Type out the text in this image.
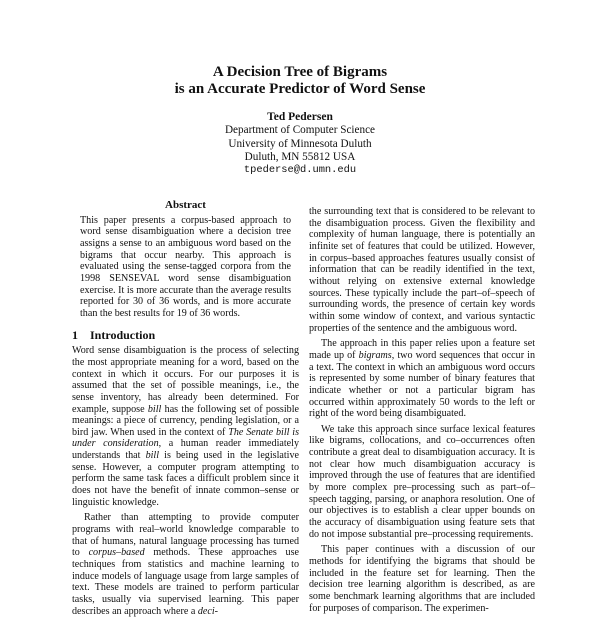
A Decision Tree of Bigrams
is an Accurate Predictor of Word Sense
Ted Pedersen
Department of Computer Science
University of Minnesota Duluth
Duluth, MN 55812 USA
tpederse@d.umn.edu
Abstract

This paper presents a corpus-based approach to word sense disambiguation where a decision tree assigns a sense to an ambiguous word based on the bigrams that occur nearby. This approach is evaluated using the sense-tagged corpora from the 1998 SENSEVAL word sense disambiguation exercise. It is more accurate than the average results reported for 30 of 36 words, and is more accurate than the best results for 19 of 36 words.

1 Introduction

Word sense disambiguation is the process of selecting the most appropriate meaning for a word, based on the context in which it occurs. For our purposes it is assumed that the set of possible meanings, i.e., the sense inventory, has already been determined. For example, suppose bill has the following set of possible meanings: a piece of currency, pending legislation, or a bird jaw. When used in the context of The Senate bill is under consideration, a human reader immediately understands that bill is being used in the legislative sense. However, a computer program attempting to perform the same task faces a difficult problem since it does not have the benefit of innate common–sense or linguistic knowledge.

Rather than attempting to provide computer programs with real–world knowledge comparable to that of humans, natural language processing has turned to corpus–based methods. These approaches use techniques from statistics and machine learning to induce models of language usage from large samples of text. These models are trained to perform particular tasks, usually via supervised learning. This paper describes an approach where a deci-

the surrounding text that is considered to be relevant to the disambiguation process. Given the flexibility and complexity of human language, there is potentially an infinite set of features that could be utilized. However, in corpus–based approaches features usually consist of information that can be readily identified in the text, without relying on extensive external knowledge sources. These typically include the part–of–speech of surrounding words, the presence of certain key words within some window of context, and various syntactic properties of the sentence and the ambiguous word.

The approach in this paper relies upon a feature set made up of bigrams, two word sequences that occur in a text. The context in which an ambiguous word occurs is represented by some number of binary features that indicate whether or not a particular bigram has occurred within approximately 50 words to the left or right of the word being disambiguated.

We take this approach since surface lexical features like bigrams, collocations, and co–occurrences often contribute a great deal to disambiguation accuracy. It is not clear how much disambiguation accuracy is improved through the use of features that are identified by more complex pre–processing such as part–of–speech tagging, parsing, or anaphora resolution. One of our objectives is to establish a clear upper bounds on the accuracy of disambiguation using feature sets that do not impose substantial pre–processing requirements.

This paper continues with a discussion of our methods for identifying the bigrams that should be included in the feature set for learning. Then the decision tree learning algorithm is described, as are some benchmark learning algorithms that are included for purposes of comparison. The experimen-
